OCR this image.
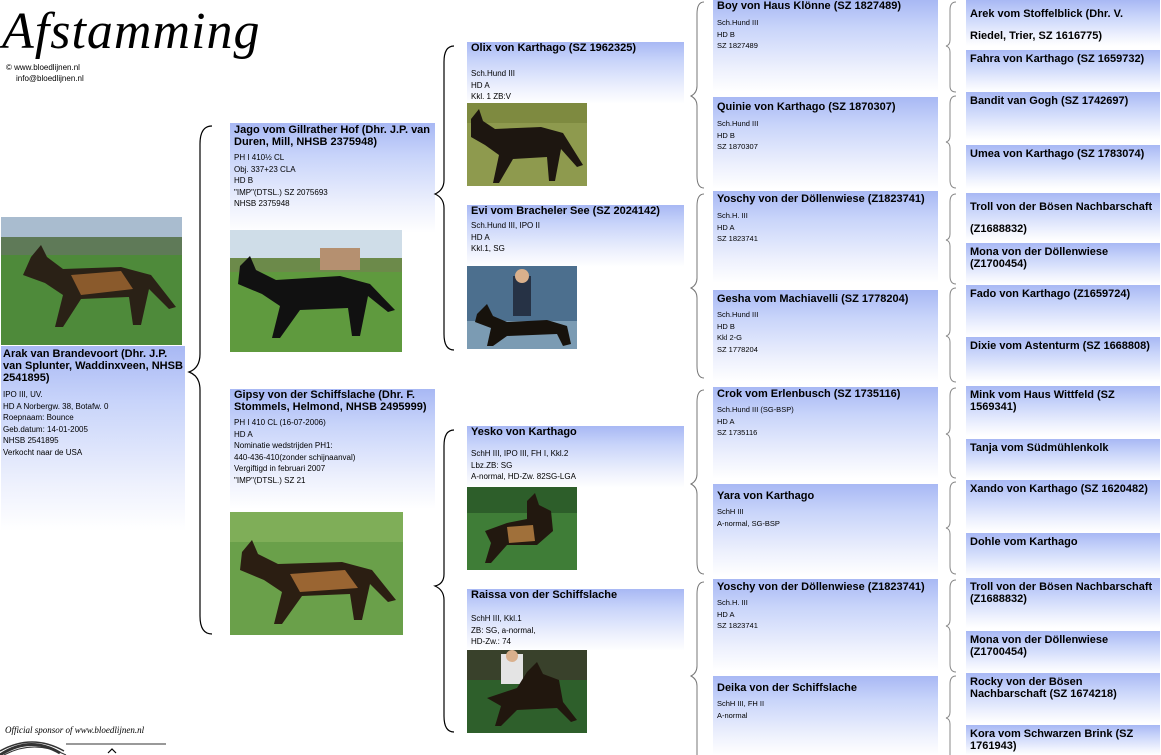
Afstamming
© www.bloedlijnen.nl
info@bloedlijnen.nl
Arak van Brandevoort (Dhr. J.P. van Splunter, Waddinxveen, NHSB 2541895)
IPO III, UV.
HD A Norbergw. 38, Botafw. 0
Roepnaam: Bounce
Geb.datum: 14-01-2005
NHSB 2541895
Verkocht naar de USA
Jago vom Gillrather Hof (Dhr. J.P. van Duren, Mill, NHSB 2375948)
PH I 410½ CL
Obj. 337+23 CLA
HD B
"IMP"(DTSL.) SZ 2075693
NHSB 2375948
Gipsy von der Schiffslache (Dhr. F. Stommels, Helmond, NHSB 2495999)
PH I 410 CL (16-07-2006)
HD A
Nominatie wedstrijden PH1:
440-436-410(zonder schijnaanval)
Vergiftigd in februari 2007
"IMP"(DTSL.) SZ 21
Olix von Karthago (SZ 1962325)
Sch.Hund III
HD A
Kkl. 1 ZB:V
Evi vom Bracheler See (SZ 2024142)
Sch.Hund III, IPO II
HD A
Kkl.1, SG
Yesko von Karthago
SchH III, IPO III, FH I, Kkl.2
Lbz.ZB: SG
A-normal, HD-Zw. 82SG-LGA
Raissa von der Schiffslache
SchH III, Kkl.1
ZB: SG, a-normal,
HD-Zw.: 74
Boy von Haus Klönne (SZ 1827489)
Sch.Hund III
HD B
SZ 1827489
Quinie von Karthago (SZ 1870307)
Sch.Hund III
HD B
SZ 1870307
Yoschy von der Döllenwiese (Z1823741)
Sch.H. III
HD A
SZ 1823741
Gesha vom Machiavelli (SZ 1778204)
Sch.Hund III
HD B
Kkl 2-G
SZ 1778204
Crok vom Erlenbusch (SZ 1735116)
Sch.Hund III (SG-BSP)
HD A
SZ 1735116
Yara von Karthago
SchH III
A-normal, SG-BSP
Yoschy von der Döllenwiese (Z1823741)
Sch.H. III
HD A
SZ 1823741
Deika von der Schiffslache
SchH III, FH II
A-normal
Arek vom Stoffelblick (Dhr. V. Riedel, Trier, SZ 1616775)
Fahra von Karthago (SZ 1659732)
Bandit van Gogh (SZ 1742697)
Umea von Karthago (SZ 1783074)
Troll von der Bösen Nachbarschaft (Z1688832)
Mona von der Döllenwiese (Z1700454)
Fado von Karthago (Z1659724)
Dixie vom Astenturm (SZ 1668808)
Mink vom Haus Wittfeld (SZ 1569341)
Tanja vom Südmühlenkolk
Xando von Karthago (SZ 1620482)
Dohle vom Karthago
Troll von der Bösen Nachbarschaft (Z1688832)
Mona von der Döllenwiese (Z1700454)
Rocky von der Bösen Nachbarschaft (SZ 1674218)
Kora vom Schwarzen Brink (SZ 1761943)
Official sponsor of www.bloedlijnen.nl
